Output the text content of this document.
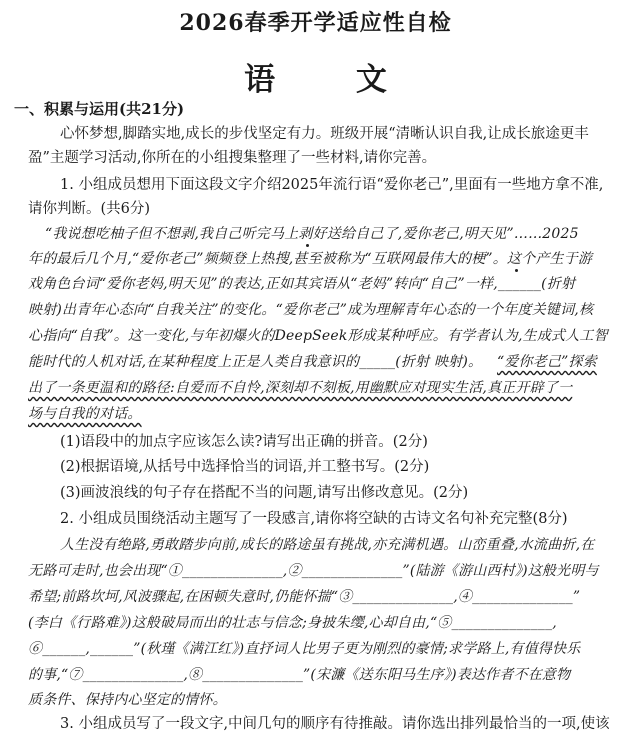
2026春季开学适应性自检
语 文
一、积累与运用(共21分)
心怀梦想,脚踏实地,成长的步伐坚定有力。班级开展“清晰认识自我,让成长旅途更丰
盈”主题学习活动,你所在的小组搜集整理了一些材料,请你完善。
1. 小组成员想用下面这段文字介绍2025年流行语“爱你老己”,里面有一些地方拿不准,
请你判断。(共6分)
“我说想吃柚子但不想剥,我自己听完马上剥好送给自己了,爱你老己,明天见”……2025
年的最后几个月,“爱你老己”频频登上热搜,甚至被称为“互联网最伟大的梗”。这个产生于游
戏角色台词“爱你老妈,明天见”的表达,正如其宾语从“老妈”转向“自己”一样,______(折射
映射)出青年心态向“自我关注”的变化。“爱你老己”成为理解青年心态的一个年度关键词,核
心指向“自我”。这一变化,与年初爆火的DeepSeek形成某种呼应。有学者认为,生成式人工智
能时代的人机对话,在某种程度上正是人类自我意识的_____(折射 映射)。 “爱你老己”探索
出了一条更温和的路径:自爱而不自怜,深刻却不刻板,用幽默应对现实生活,真正开辟了一
场与自我的对话。
(1)语段中的加点字应该怎么读?请写出正确的拼音。(2分)
(2)根据语境,从括号中选择恰当的词语,并工整书写。(2分)
(3)画波浪线的句子存在搭配不当的问题,请写出修改意见。(2分)
2. 小组成员围绕活动主题写了一段感言,请你将空缺的古诗文名句补充完整(8分)
人生没有绝路,勇敢踏步向前,成长的路途虽有挑战,亦充满机遇。山峦重叠,水流曲折,在
无路可走时,也会出现“①______________,②______________”(陆游《游山西村》)这般光明与
希望;前路坎坷,风波骤起,在困顿失意时,仍能怀揣“③______________,④______________”
(李白《行路难》)这般破局而出的壮志与信念;身披朱缨,心却自由,“⑤______________,
⑥______,______”(秋瑾《满江红》)直抒词人比男子更为刚烈的豪情;求学路上,有值得快乐
的事,“⑦______________,⑧______________”(宋濂《送东阳马生序》)表达作者不在意物
质条件、保持内心坚定的情怀。
3. 小组成员写了一段文字,中间几句的顺序有待推敲。请你选出排列最恰当的一项,使该
